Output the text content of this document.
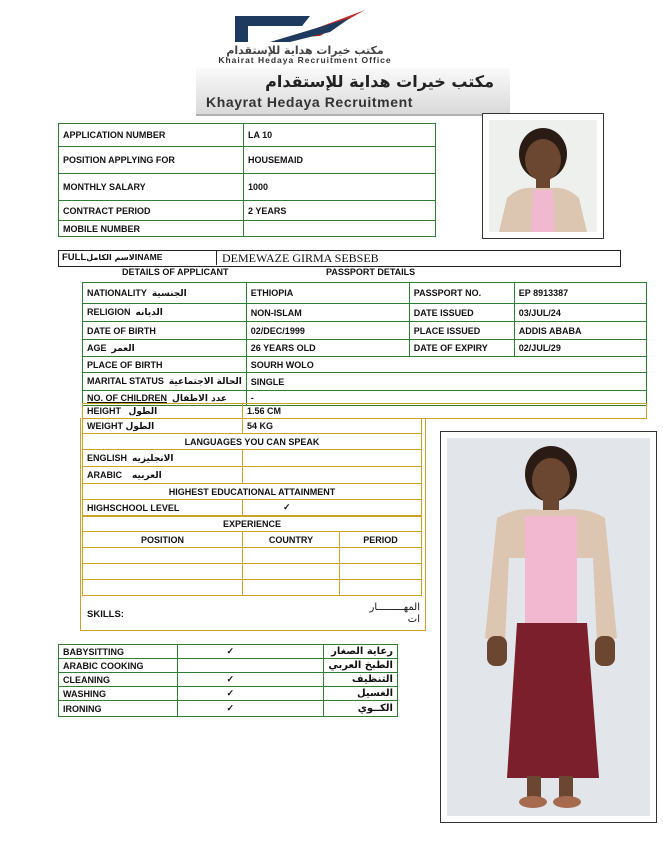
مكتب خيرات هداية للإستقدام
Khairat Hedaya Recruitment Office
مكتب خيرات هداية للإستقدام
Khayrat Hedaya Recruitment
APPLICATION NUMBER	LA 10
POSITION APPLYING FOR	HOUSEMAID
MONTHLY SALARY	1000
CONTRACT PERIOD	2 YEARS
MOBILE NUMBER	
FULLالاسم الكاملNAME	DEMEWAZE GIRMA SEBSEB
DETAILS OF APPLICANT	PASSPORT DETAILS
NATIONALITY الجنسية	ETHIOPIA	PASSPORT NO.	EP 8913387
RELIGION الديانه	NON-ISLAM	DATE ISSUED	03/JUL/24
DATE OF BIRTH	02/DEC/1999	PLACE ISSUED	ADDIS ABABA
AGE العمر	26 YEARS OLD	DATE OF EXPIRY	02/JUL/29
PLACE OF BIRTH	SOURH WOLO		
MARITAL STATUS الحالة الاجتماعية	SINGLE		
NO. OF CHILDREN عدد الاطفال	-		
HEIGHT الطول	1.56 CM
WEIGHT الطول	54 KG
LANGUAGES YOU CAN SPEAK	
ENGLISH الانجليزيه	
ARABIC العربيه	
HIGHEST EDUCATIONAL ATTAINMENT	
HIGHSCHOOL LEVEL	✓
EXPERIENCE		
POSITION	COUNTRY	PERIOD

SKILLS:
المهـــــــــار
ات
BABYSITTING	✓	رعاية الصغار
ARABIC COOKING		الطبخ العربي
CLEANING	✓	التنظيف
WASHING	✓	الغسيل
IRONING	✓	الكــوي
